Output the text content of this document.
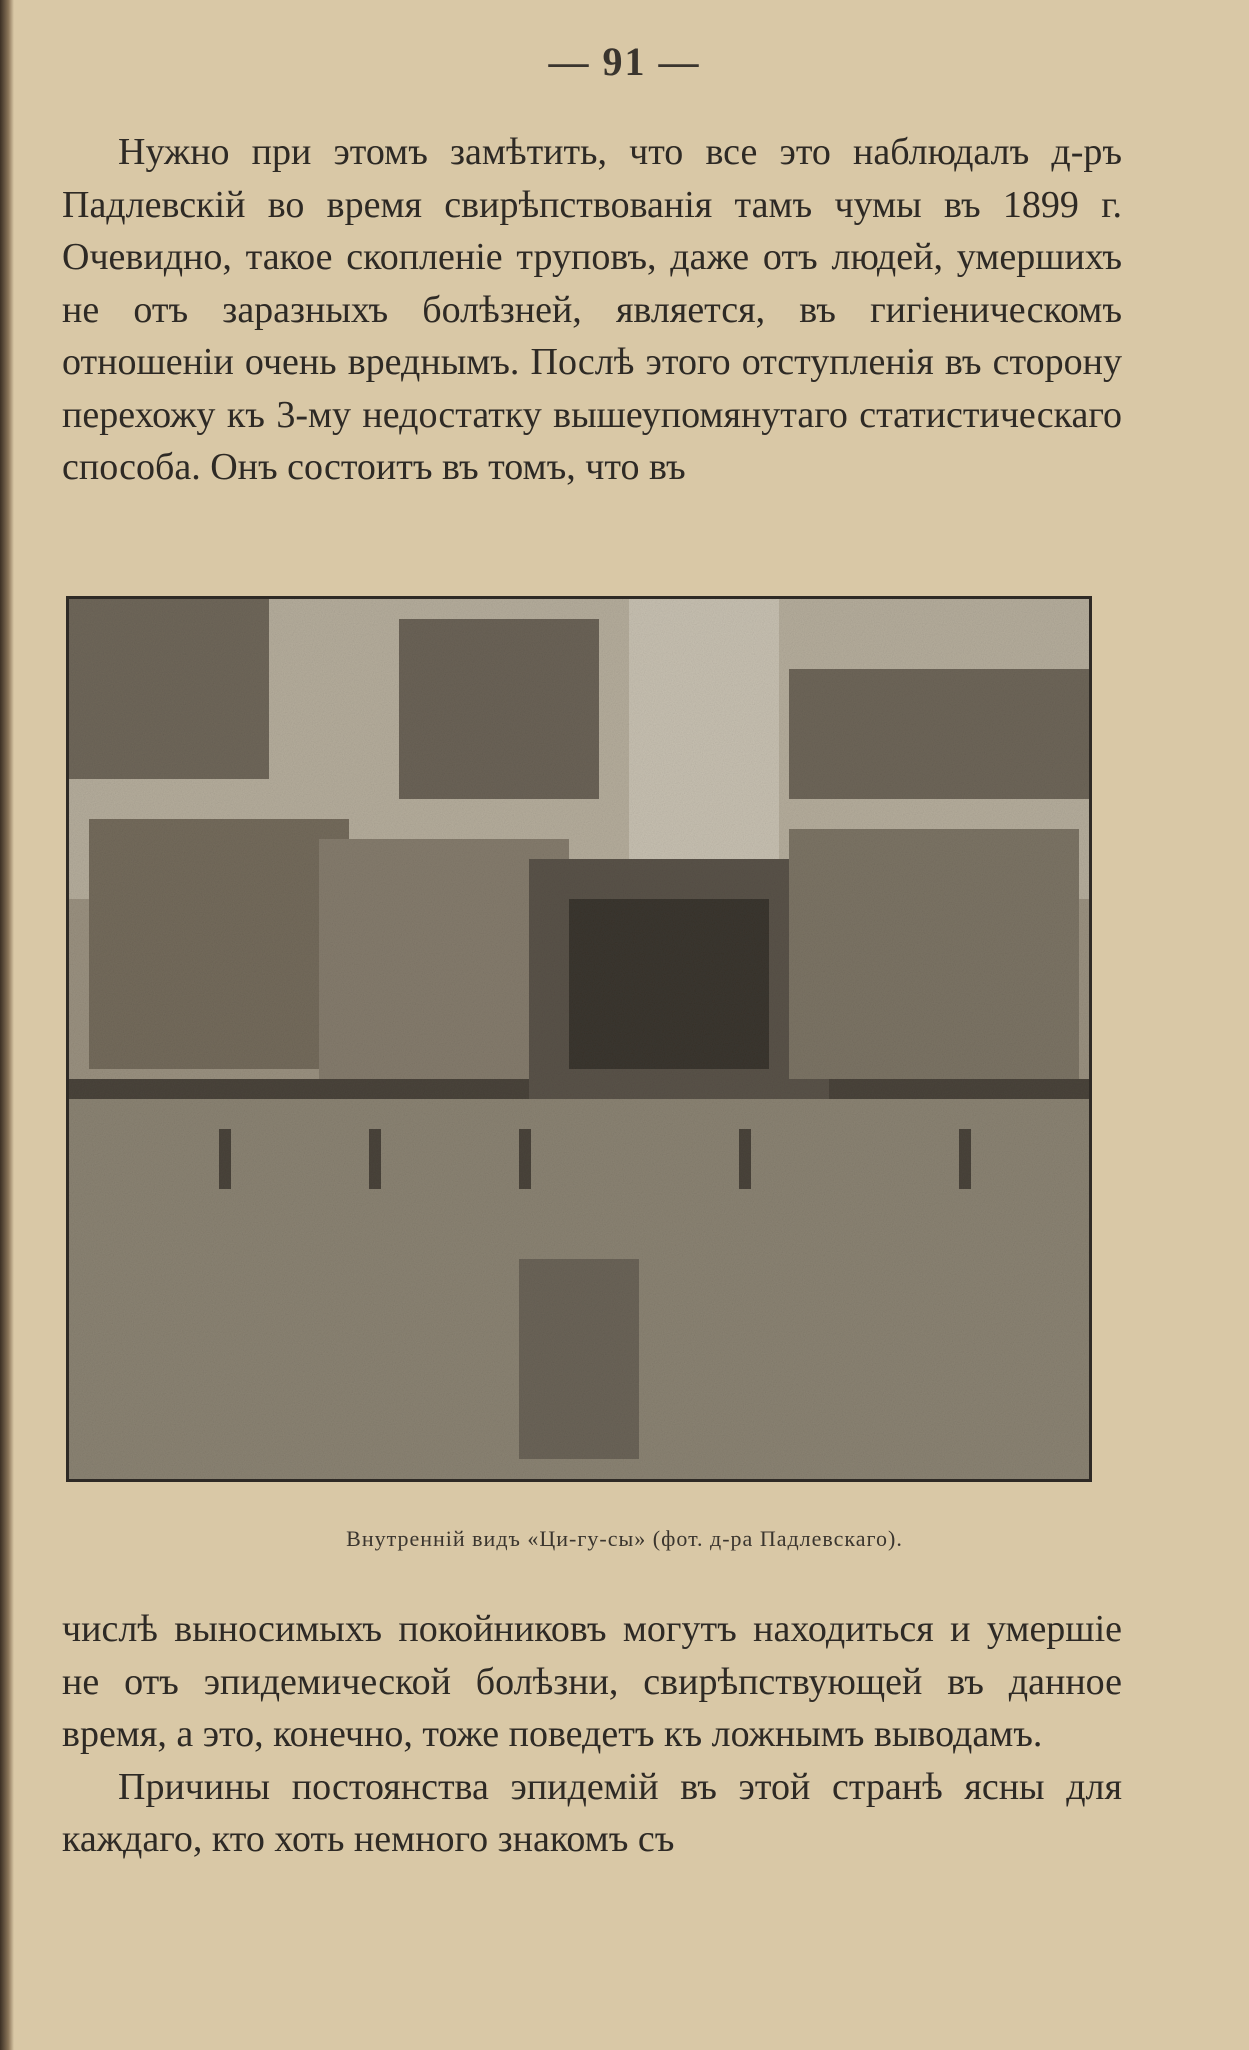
— 91 —

Нужно при этомъ замѣтить, что все это наблюдалъ д-ръ Падлевскій во время свирѣпствованія тамъ чумы въ 1899 г. Очевидно, такое скопленіе труповъ, даже отъ людей, умершихъ не отъ заразныхъ болѣзней, является, въ гигіеническомъ отношеніи очень вреднымъ. Послѣ этого отступленія въ сторону перехожу къ 3-му недостатку вышеупомянутаго статистическаго способа. Онъ состоитъ въ томъ, что въ

Внутренній видъ «Ци-гу-сы» (фот. д-ра Падлевскаго).

числѣ выносимыхъ покойниковъ могутъ находиться и умершіе не отъ эпидемической болѣзни, свирѣпствующей въ данное время, а это, конечно, тоже поведетъ къ ложнымъ выводамъ.

Причины постоянства эпидемій въ этой странѣ ясны для каждаго, кто хоть немного знакомъ съ
